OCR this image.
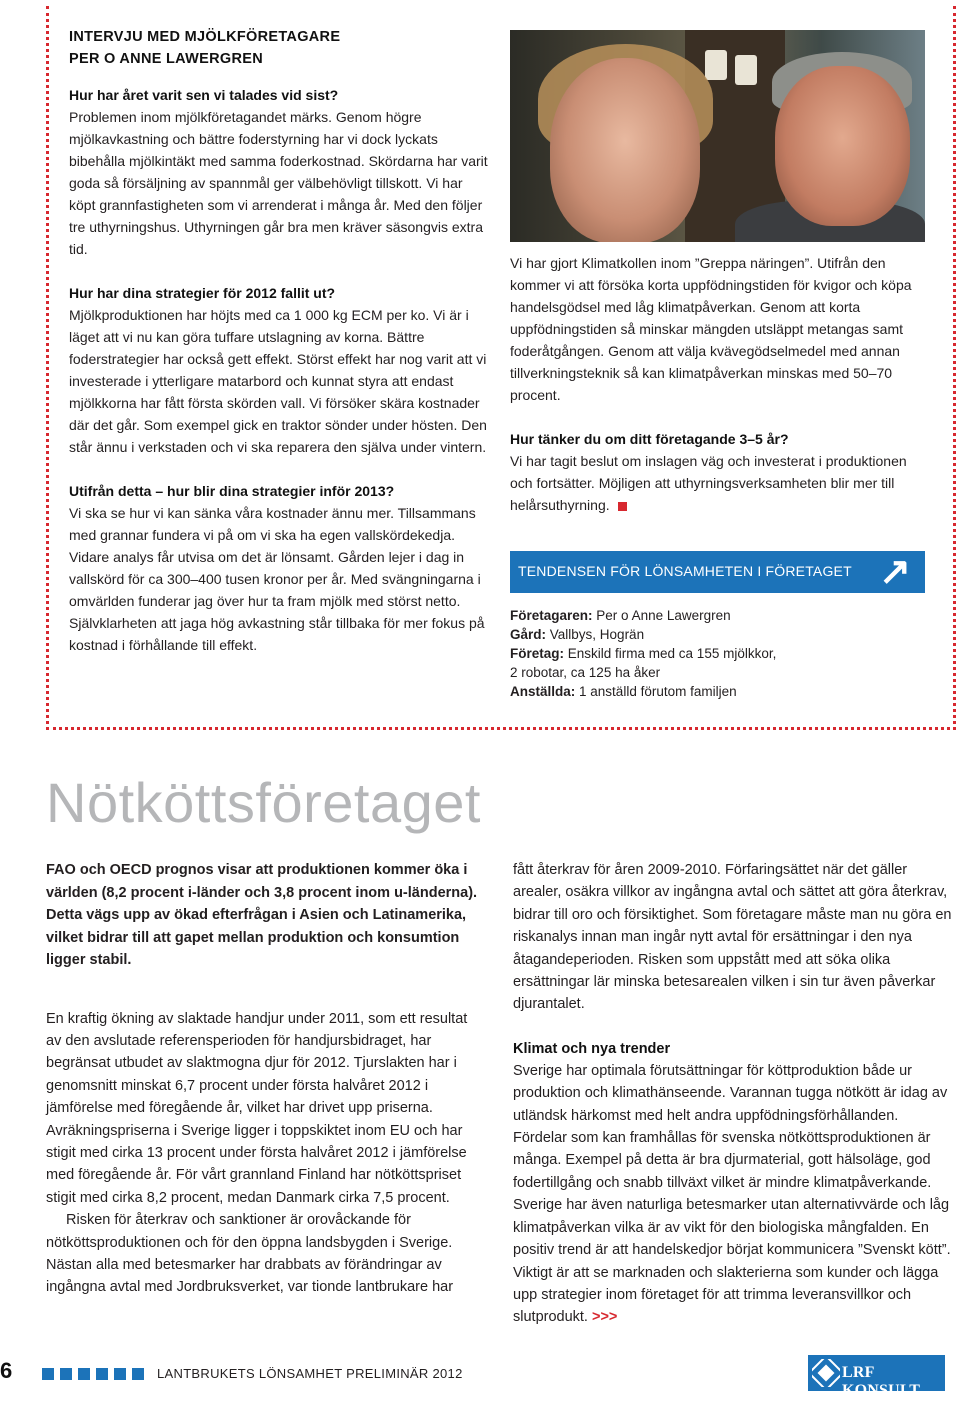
INTERVJU MED MJÖLKFÖRETAGARE
PER O ANNE LAWERGREN
Hur har året varit sen vi talades vid sist?

Problemen inom mjölkföretagandet märks. Genom högre mjölkavkastning och bättre foderstyrning har vi dock lyckats bibehålla mjölkintäkt med samma foderkostnad. Skördarna har varit goda så försäljning av spannmål ger välbehövligt tillskott. Vi har köpt grannfastigheten som vi arrenderat i många år. Med den följer tre uthyrningshus. Uthyrningen går bra men kräver säsongvis extra tid.

Hur har dina strategier för 2012 fallit ut?

Mjölkproduktionen har höjts med ca 1 000 kg ECM per ko. Vi är i läget att vi nu kan göra tuffare utslagning av korna. Bättre foderstrategier har också gett effekt. Störst effekt har nog varit att vi investerade i ytterligare matarbord och kunnat styra att endast mjölkkorna har fått första skörden vall. Vi försöker skära kostnader där det går. Som exempel gick en traktor sönder under hösten. Den står ännu i verkstaden och vi ska reparera den själva under vintern.

Utifrån detta – hur blir dina strategier inför 2013?

Vi ska se hur vi kan sänka våra kostnader ännu mer. Tillsammans med grannar fundera vi på om vi ska ha egen vallskördekedja. Vidare analys får utvisa om det är lönsamt. Gården lejer i dag in vallskörd för ca 300–400 tusen kronor per år. Med svängningarna i omvärlden funderar jag över hur ta fram mjölk med störst netto. Självklarheten att jaga hög avkastning står tillbaka för mer fokus på kostnad i förhållande till effekt.

Vi har gjort Klimatkollen inom ”Greppa näringen”. Utifrån den kommer vi att försöka korta uppfödningstiden för kvigor och köpa handelsgödsel med låg klimatpåverkan. Genom att korta uppfödningstiden så minskar mängden utsläppt metangas samt foderåtgången. Genom att välja kvävegödselmedel med annan tillverkningsteknik så kan klimatpåverkan minskas med 50–70 procent.

Hur tänker du om ditt företagande 3–5 år?

Vi har tagit beslut om inslagen väg och investerat i produktionen och fortsätter. Möjligen att uthyrningsverksamheten blir mer till helårsuthyrning.

TENDENSEN FÖR LÖNSAMHETEN I FÖRETAGET ↗

Företagaren: Per o Anne Lawergren

Gård: Vallbys, Hogrän

Företag: Enskild firma med ca 155 mjölkkor,

2 robotar, ca 125 ha åker

Anställda: 1 anställd förutom familjen

Nötköttsföretaget

FAO och OECD prognos visar att produktionen kommer öka i världen (8,2 procent i-länder och 3,8 procent inom u-länderna). Detta vägs upp av ökad efterfrågan i Asien och Latinamerika, vilket bidrar till att gapet mellan produktion och konsumtion ligger stabil.

En kraftig ökning av slaktade handjur under 2011, som ett resultat av den avslutade referensperioden för handjursbidraget, har begränsat utbudet av slaktmogna djur för 2012. Tjurslakten har i genomsnitt minskat 6,7 procent under första halvåret 2012 i jämförelse med föregående år, vilket har drivet upp priserna. Avräkningspriserna i Sverige ligger i toppskiktet inom EU och har stigit med cirka 13 procent under första halvåret 2012 i jämförelse med föregående år. För vårt grannland Finland har nötköttspriset stigit med cirka 8,2 procent, medan Danmark cirka 7,5 procent.

Risken för återkrav och sanktioner är orovåckande för nötköttsproduktionen och för den öppna landsbygden i Sverige. Nästan alla med betesmarker har drabbats av förändringar av ingångna avtal med Jordbruksverket, var tionde lantbrukare har

fått återkrav för åren 2009-2010. Förfaringsättet när det gäller arealer, osäkra villkor av ingångna avtal och sättet att göra återkrav, bidrar till oro och försiktighet. Som företagare måste man nu göra en riskanalys innan man ingår nytt avtal för ersättningar i den nya åtagandeperioden. Risken som uppstått med att söka olika ersättningar lär minska betesarealen vilken i sin tur även påverkar djurantalet.

Klimat och nya trender

Sverige har optimala förutsättningar för köttproduktion både ur produktion och klimathänseende. Varannan tugga nötkött är idag av utländsk härkomst med helt andra uppfödningsförhållanden. Fördelar som kan framhållas för svenska nötköttsproduktionen är många. Exempel på detta är bra djurmaterial, gott hälsoläge, god fodertillgång och snabb tillväxt vilket är mindre klimatpåverkande. Sverige har även naturliga betesmarker utan alternativvärde och låg klimatpåverkan vilka är av vikt för den biologiska mångfalden. En positiv trend är att handelskedjor börjat kommunicera ”Svenskt kött”. Viktigt är att se marknaden och slakterierna som kunder och lägga upp strategier inom företaget för att trimma leveransvillkor och slutprodukt. >>>

6	LANTBRUKETS LÖNSAMHET PRELIMINÄR 2012	LRF KONSULT
